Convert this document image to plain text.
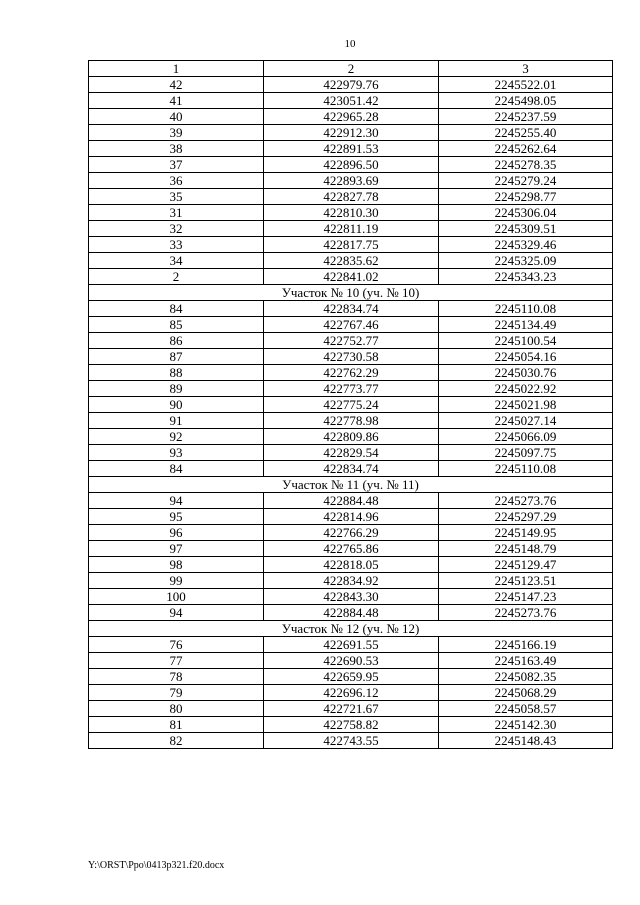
10
1	2	3
42	422979.76	2245522.01
41	423051.42	2245498.05
40	422965.28	2245237.59
39	422912.30	2245255.40
38	422891.53	2245262.64
37	422896.50	2245278.35
36	422893.69	2245279.24
35	422827.78	2245298.77
31	422810.30	2245306.04
32	422811.19	2245309.51
33	422817.75	2245329.46
34	422835.62	2245325.09
2	422841.02	2245343.23
Участок № 10 (уч. № 10)		
84	422834.74	2245110.08
85	422767.46	2245134.49
86	422752.77	2245100.54
87	422730.58	2245054.16
88	422762.29	2245030.76
89	422773.77	2245022.92
90	422775.24	2245021.98
91	422778.98	2245027.14
92	422809.86	2245066.09
93	422829.54	2245097.75
84	422834.74	2245110.08
Участок № 11 (уч. № 11)		
94	422884.48	2245273.76
95	422814.96	2245297.29
96	422766.29	2245149.95
97	422765.86	2245148.79
98	422818.05	2245129.47
99	422834.92	2245123.51
100	422843.30	2245147.23
94	422884.48	2245273.76
Участок № 12 (уч. № 12)		
76	422691.55	2245166.19
77	422690.53	2245163.49
78	422659.95	2245082.35
79	422696.12	2245068.29
80	422721.67	2245058.57
81	422758.82	2245142.30
82	422743.55	2245148.43
Y:\ORST\Ppo\0413p321.f20.docx
